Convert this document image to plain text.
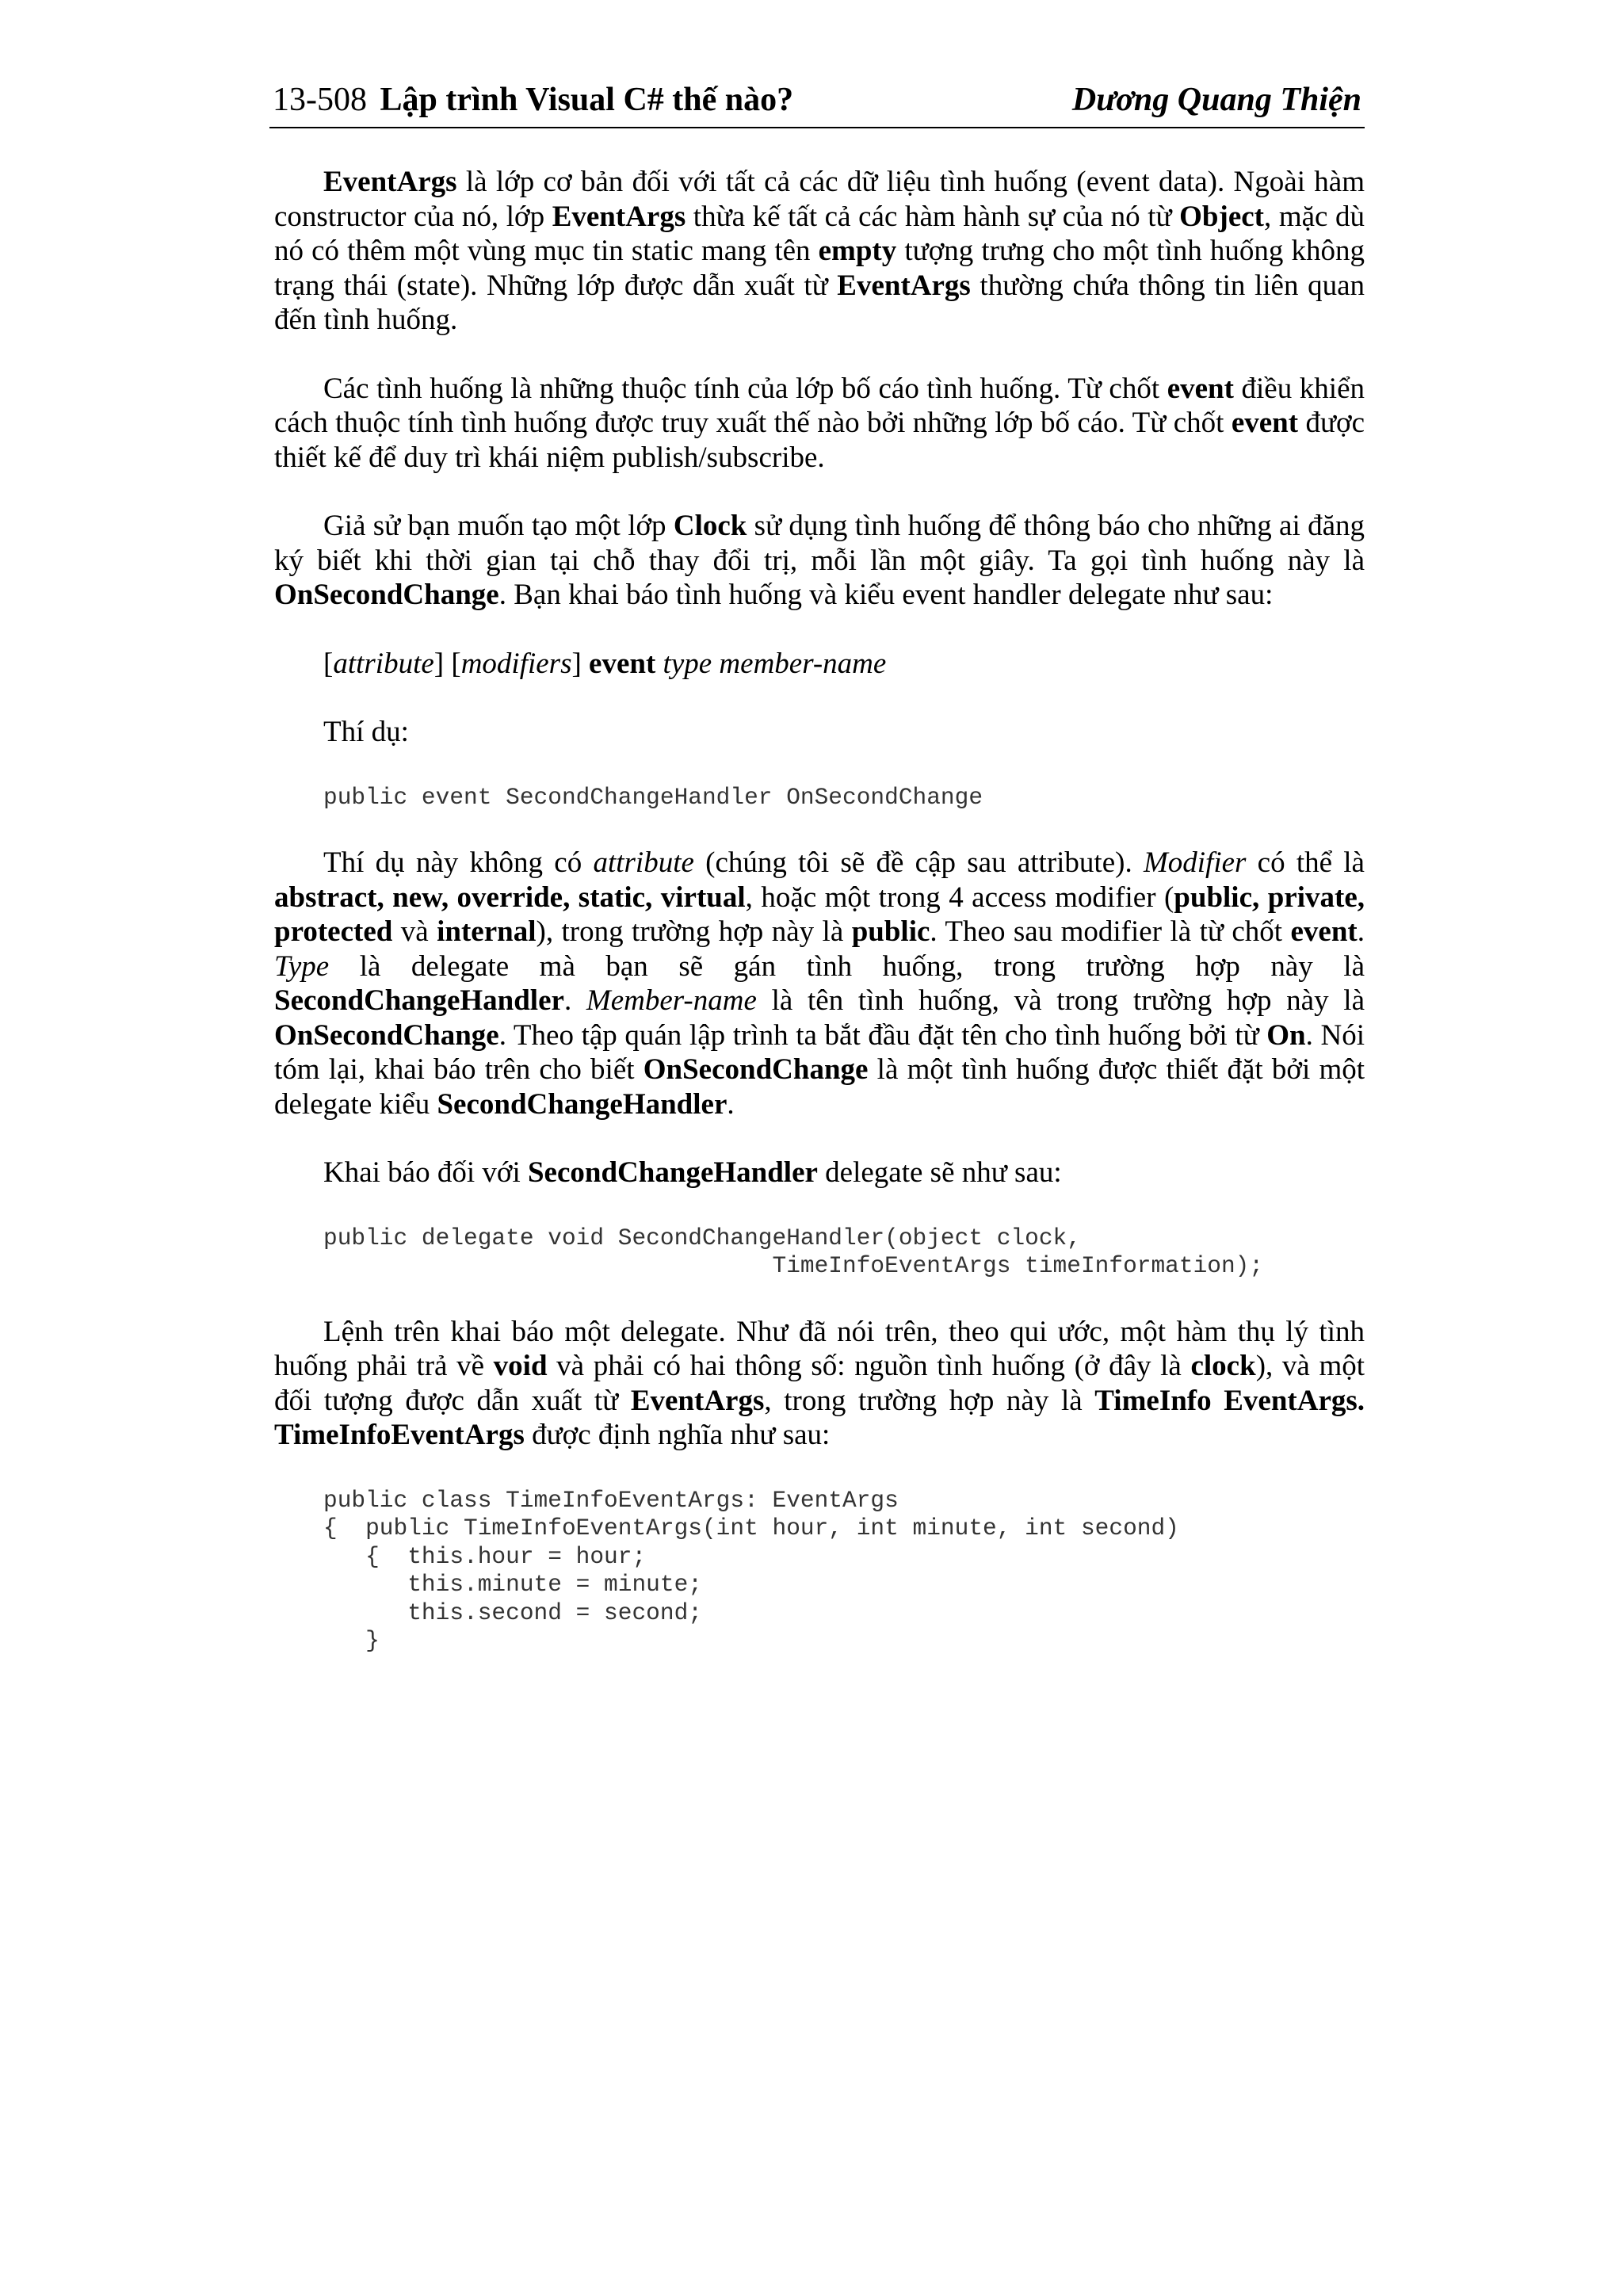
13-508 Lập trình Visual C# thế nào?	Dương Quang Thiện

EventArgs là lớp cơ bản đối với tất cả các dữ liệu tình huống (event data). Ngoài hàm constructor của nó, lớp EventArgs thừa kế tất cả các hàm hành sự của nó từ Object, mặc dù nó có thêm một vùng mục tin static mang tên empty tượng trưng cho một tình huống không trạng thái (state). Những lớp được dẫn xuất từ EventArgs thường chứa thông tin liên quan đến tình huống.

Các tình huống là những thuộc tính của lớp bố cáo tình huống. Từ chốt event điều khiển cách thuộc tính tình huống được truy xuất thế nào bởi những lớp bố cáo. Từ chốt event được thiết kế để duy trì khái niệm publish/subscribe.

Giả sử bạn muốn tạo một lớp Clock sử dụng tình huống để thông báo cho những ai đăng ký biết khi thời gian tại chỗ thay đổi trị, mỗi lần một giây. Ta gọi tình huống này là OnSecondChange. Bạn khai báo tình huống và kiểu event handler delegate như sau:

[attribute] [modifiers] event type member-name

Thí dụ:

public event SecondChangeHandler OnSecondChange

Thí dụ này không có attribute (chúng tôi sẽ đề cập sau attribute). Modifier có thể là abstract, new, override, static, virtual, hoặc một trong 4 access modifier (public, private, protected và internal), trong trường hợp này là public. Theo sau modifier là từ chốt event. Type là delegate mà bạn sẽ gán tình huống, trong trường hợp này là SecondChangeHandler. Member-name là tên tình huống, và trong trường hợp này là OnSecondChange. Theo tập quán lập trình ta bắt đầu đặt tên cho tình huống bởi từ On. Nói tóm lại, khai báo trên cho biết OnSecondChange là một tình huống được thiết đặt bởi một delegate kiểu SecondChangeHandler.

Khai báo đối với SecondChangeHandler delegate sẽ như sau:

public delegate void SecondChangeHandler(object clock,
TimeInfoEventArgs timeInformation);

Lệnh trên khai báo một delegate. Như đã nói trên, theo qui ước, một hàm thụ lý tình huống phải trả về void và phải có hai thông số: nguồn tình huống (ở đây là clock), và một đối tượng được dẫn xuất từ EventArgs, trong trường hợp này là TimeInfo EventArgs. TimeInfoEventArgs được định nghĩa như sau:

public class TimeInfoEventArgs: EventArgs
{  public TimeInfoEventArgs(int hour, int minute, int second)
{  this.hour = hour;
this.minute = minute;
this.second = second;
}
